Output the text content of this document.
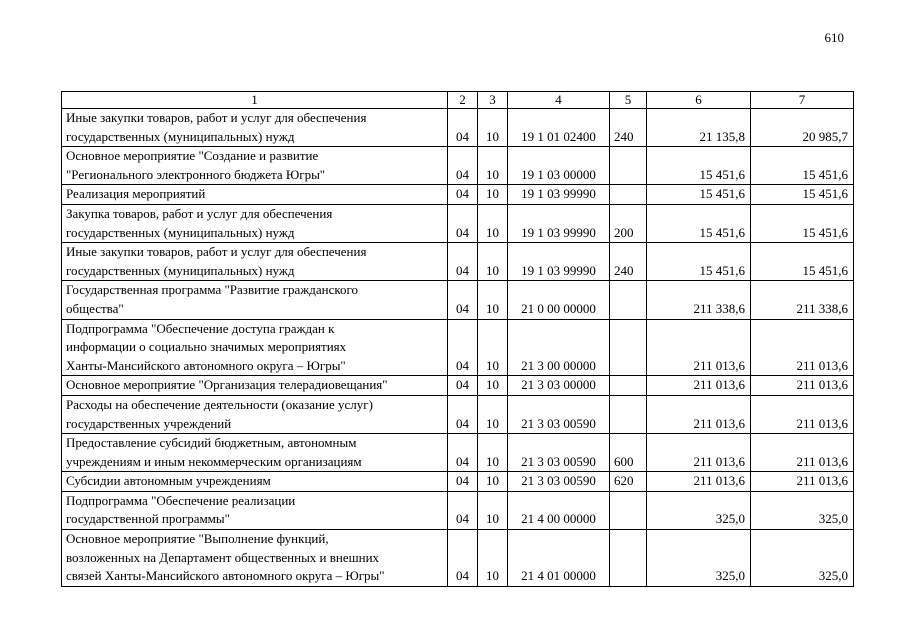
610
1	2	3	4	5	6	7
Иные закупки товаров, работ и услуг для обеспечения
государственных (муниципальных) нужд	04	10	19 1 01 02400	240	21 135,8	20 985,7
Основное мероприятие "Создание и развитие
"Регионального электронного бюджета Югры"	04	10	19 1 03 00000		15 451,6	15 451,6
Реализация мероприятий	04	10	19 1 03 99990		15 451,6	15 451,6
Закупка товаров, работ и услуг для обеспечения
государственных (муниципальных) нужд	04	10	19 1 03 99990	200	15 451,6	15 451,6
Иные закупки товаров, работ и услуг для обеспечения
государственных (муниципальных) нужд	04	10	19 1 03 99990	240	15 451,6	15 451,6
Государственная программа "Развитие гражданского
общества"	04	10	21 0 00 00000		211 338,6	211 338,6
Подпрограмма "Обеспечение доступа граждан к
информации о социально значимых мероприятиях
Ханты-Мансийского автономного округа – Югры"	04	10	21 3 00 00000		211 013,6	211 013,6
Основное мероприятие "Организация телерадиовещания"	04	10	21 3 03 00000		211 013,6	211 013,6
Расходы на обеспечение деятельности (оказание услуг)
государственных учреждений	04	10	21 3 03 00590		211 013,6	211 013,6
Предоставление субсидий бюджетным, автономным
учреждениям и иным некоммерческим организациям	04	10	21 3 03 00590	600	211 013,6	211 013,6
Субсидии автономным учреждениям	04	10	21 3 03 00590	620	211 013,6	211 013,6
Подпрограмма "Обеспечение реализации
государственной программы"	04	10	21 4 00 00000		325,0	325,0
Основное мероприятие "Выполнение функций,
возложенных на Департамент общественных и внешних
связей Ханты-Мансийского автономного округа – Югры"	04	10	21 4 01 00000		325,0	325,0
